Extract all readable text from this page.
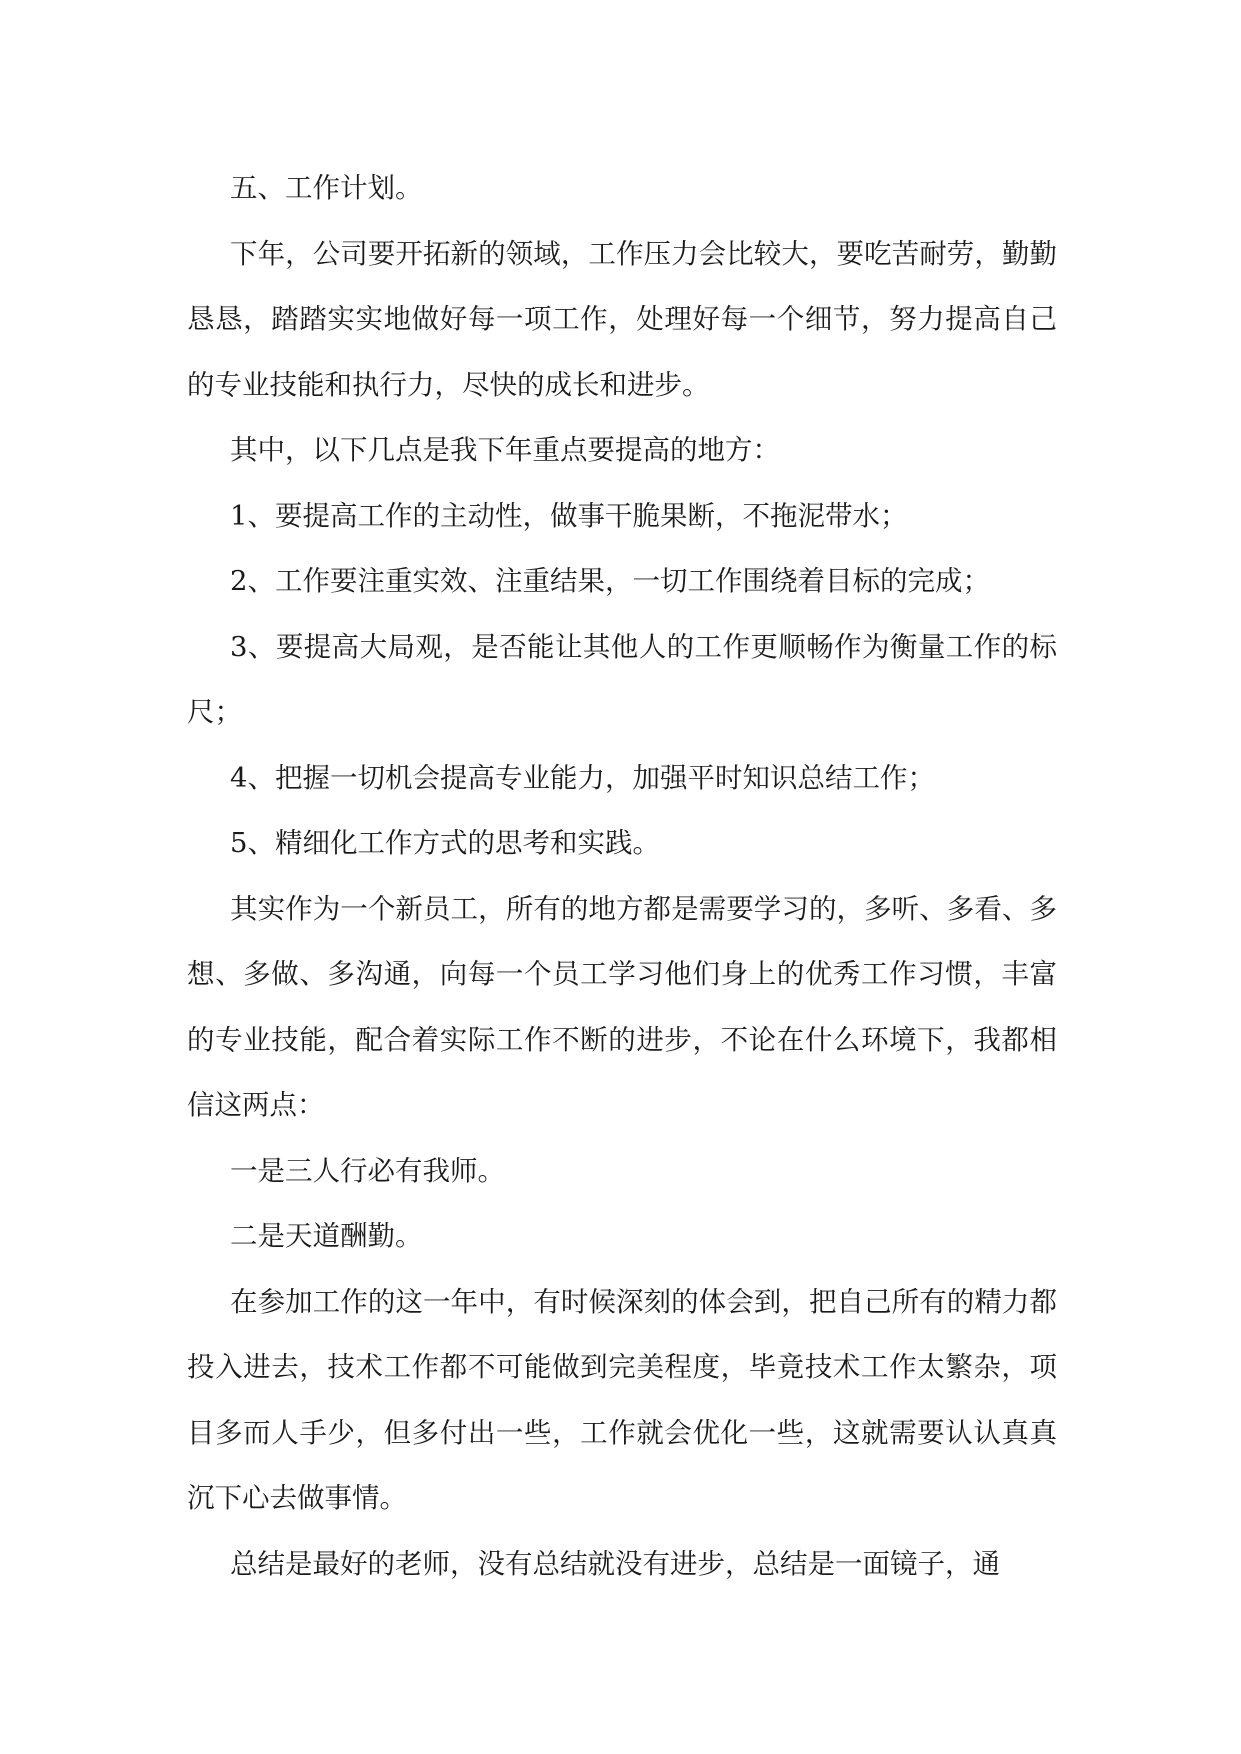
五、工作计划。

下年，公司要开拓新的领域，工作压力会比较大，要吃苦耐劳，勤勤恳恳，踏踏实实地做好每一项工作，处理好每一个细节，努力提高自己的专业技能和执行力，尽快的成长和进步。

其中，以下几点是我下年重点要提高的地方：

1、要提高工作的主动性，做事干脆果断，不拖泥带水；

2、工作要注重实效、注重结果，一切工作围绕着目标的完成；

3、要提高大局观，是否能让其他人的工作更顺畅作为衡量工作的标尺；

4、把握一切机会提高专业能力，加强平时知识总结工作；

5、精细化工作方式的思考和实践。

其实作为一个新员工，所有的地方都是需要学习的，多听、多看、多想、多做、多沟通，向每一个员工学习他们身上的优秀工作习惯，丰富的专业技能，配合着实际工作不断的进步，不论在什么环境下，我都相信这两点：

一是三人行必有我师。

二是天道酬勤。

在参加工作的这一年中，有时候深刻的体会到，把自己所有的精力都投入进去，技术工作都不可能做到完美程度，毕竟技术工作太繁杂，项目多而人手少，但多付出一些，工作就会优化一些，这就需要认认真真沉下心去做事情。

总结是最好的老师，没有总结就没有进步，总结是一面镜子，通
